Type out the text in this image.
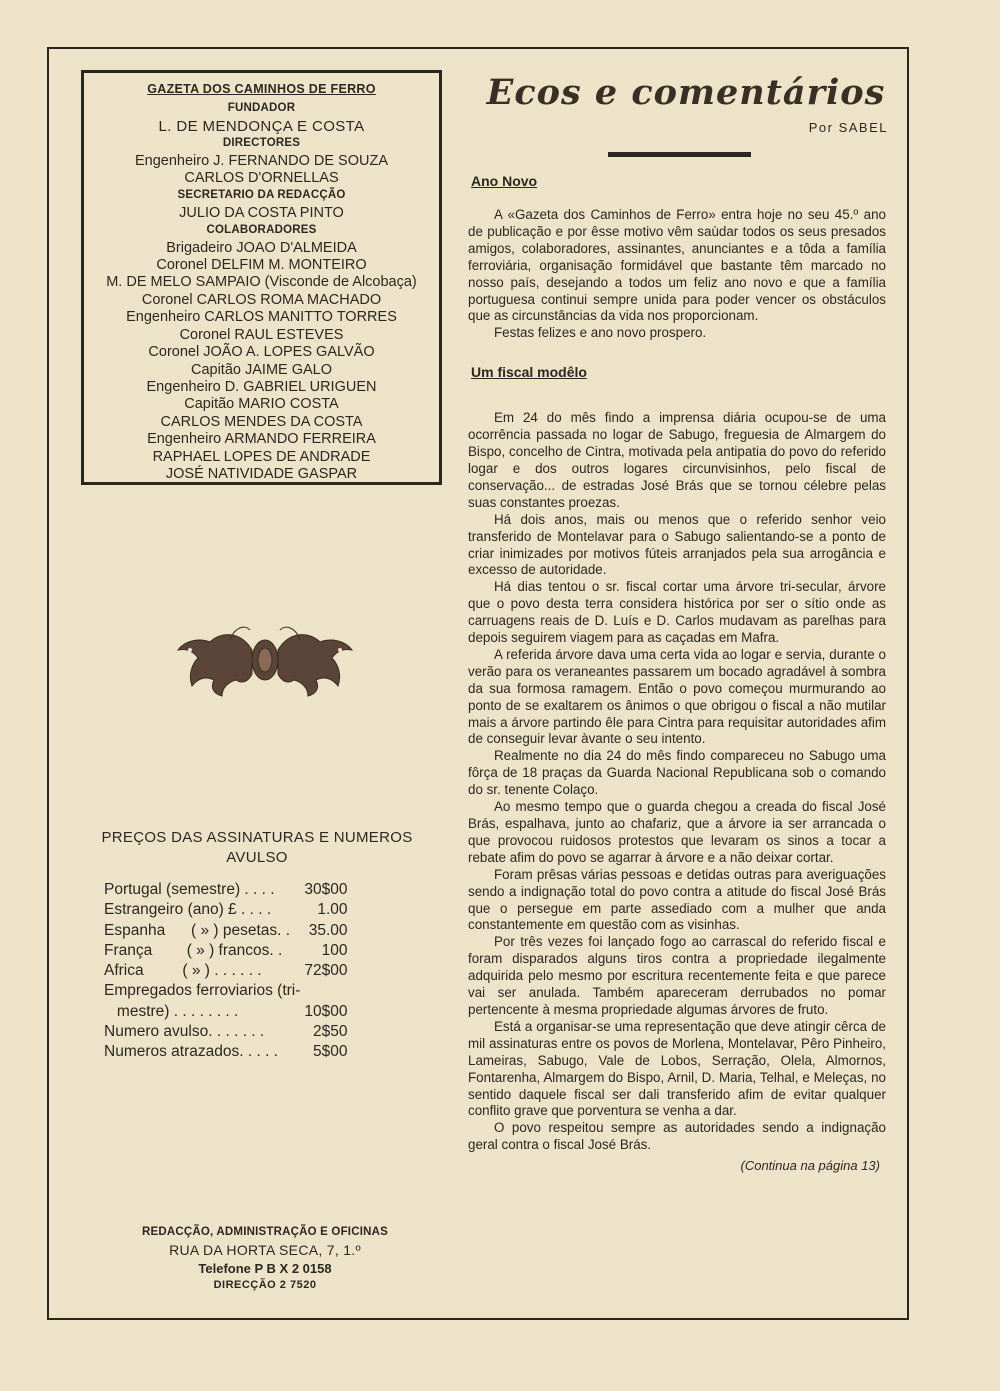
GAZETA DOS CAMINHOS DE FERRO
FUNDADOR
L. DE MENDONÇA E COSTA
DIRECTORES
Engenheiro J. FERNANDO DE SOUZA
CARLOS D'ORNELLAS
SECRETARIO DA REDACÇÃO
JULIO DA COSTA PINTO
COLABORADORES
Brigadeiro JOAO D'ALMEIDA
Coronel DELFIM M. MONTEIRO
M. DE MELO SAMPAIO (Visconde de Alcobaça)
Coronel CARLOS ROMA MACHADO
Engenheiro CARLOS MANITTO TORRES
Coronel RAUL ESTEVES
Coronel JOÃO A. LOPES GALVÃO
Capitão JAIME GALO
Engenheiro D. GABRIEL URIGUEN
Capitão MARIO COSTA
CARLOS MENDES DA COSTA
Engenheiro ARMANDO FERREIRA
RAPHAEL LOPES DE ANDRADE
JOSÉ NATIVIDADE GASPAR
PREÇOS DAS ASSINATURAS E NUMEROS AVULSO
Portugal (semestre) . . . .	30$00
Estrangeiro (ano) £ . . . .	1.00
Espanha      ( » ) pesetas. .	35.00
França        ( » ) francos. .	100
Africa         ( » ) . . . . . .	72$00
Empregados ferroviarios (tri-	
mestre) . . . . . . . .	10$00
Numero avulso. . . . . . .	2$50
Numeros atrazados. . . . .	5$00
REDACÇÃO, ADMINISTRAÇÃO E OFICINAS
RUA DA HORTA SECA, 7, 1.º
Telefone P B X 2 0158
DIRECÇÃO 2 7520
Ecos e comentários
Por SABEL
Ano Novo

A «Gazeta dos Caminhos de Ferro» entra hoje no seu 45.º ano de publicação e por êsse motivo vêm saùdar todos os seus presados amigos, colaboradores, assinantes, anunciantes e a tôda a família ferroviária, organisação formidável que bastante têm marcado no nosso país, desejando a todos um feliz ano novo e que a família portuguesa continui sempre unida para poder vencer os obstáculos que as circunstâncias da vida nos proporcionam.

Festas felizes e ano novo prospero.

Um fiscal modêlo

Em 24 do mês findo a imprensa diária ocupou-se de uma ocorrência passada no logar de Sabugo, freguesia de Almargem do Bispo, concelho de Cintra, motivada pela antipatia do povo do referido logar e dos outros logares circunvisinhos, pelo fiscal de conservação... de estradas José Brás que se tornou célebre pelas suas constantes proezas.

Há dois anos, mais ou menos que o referido senhor veio transferido de Montelavar para o Sabugo salientando-se a ponto de criar inimizades por motivos fúteis arranjados pela sua arrogância e excesso de autoridade.

Há dias tentou o sr. fiscal cortar uma árvore tri-secular, árvore que o povo desta terra considera histórica por ser o sítio onde as carruagens reais de D. Luís e D. Carlos mudavam as parelhas para depois seguirem viagem para as caçadas em Mafra.

A referida árvore dava uma certa vida ao logar e servia, durante o verão para os veraneantes passarem um bocado agradável à sombra da sua formosa ramagem. Então o povo começou murmurando ao ponto de se exaltarem os ânimos o que obrigou o fiscal a não mutilar mais a árvore partindo êle para Cintra para requisitar autoridades afim de conseguir levar àvante o seu intento.

Realmente no dia 24 do mês findo compareceu no Sabugo uma fôrça de 18 praças da Guarda Nacional Republicana sob o comando do sr. tenente Colaço.

Ao mesmo tempo que o guarda chegou a creada do fiscal José Brás, espalhava, junto ao chafariz, que a árvore ia ser arrancada o que provocou ruidosos protestos que levaram os sinos a tocar a rebate afim do povo se agarrar à árvore e a não deixar cortar.

Foram prêsas várias pessoas e detidas outras para averiguações sendo a indignação total do povo contra a atitude do fiscal José Brás que o persegue em parte assediado com a mulher que anda constantemente em questão com as visinhas.

Por três vezes foi lançado fogo ao carrascal do referido fiscal e foram disparados alguns tiros contra a propriedade ilegalmente adquirida pelo mesmo por escritura recentemente feita e que parece vai ser anulada. Também apareceram derrubados no pomar pertencente à mesma propriedade algumas árvores de fruto.

Está a organisar-se uma representação que deve atingir cêrca de mil assinaturas entre os povos de Morlena, Montelavar, Pêro Pinheiro, Lameiras, Sabugo, Vale de Lobos, Serração, Olela, Almornos, Fontarenha, Almargem do Bispo, Arnil, D. Maria, Telhal, e Meleças, no sentido daquele fiscal ser dali transferido afim de evitar qualquer conflito grave que porventura se venha a dar.

O povo respeitou sempre as autoridades sendo a indignação geral contra o fiscal José Brás.

(Continua na página 13)
